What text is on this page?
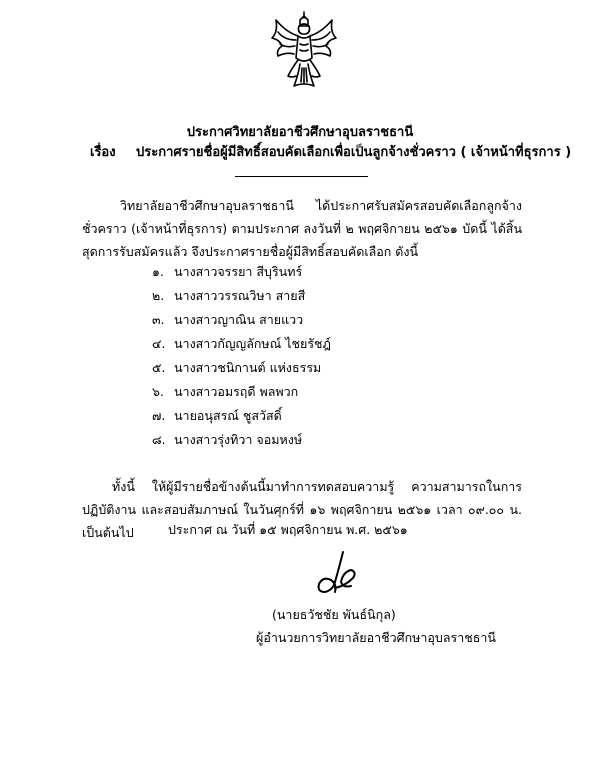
ประกาศวิทยาลัยอาชีวศึกษาอุบลราชธานี
เรื่อง ประกาศรายชื่อผู้มีสิทธิ์สอบคัดเลือกเพื่อเป็นลูกจ้างชั่วคราว ( เจ้าหน้าที่ธุรการ )

วิทยาลัยอาชีวศึกษาอุบลราชธานี ได้ประกาศรับสมัครสอบคัดเลือกลูกจ้างชั่วคราว (เจ้าหน้าที่ธุรการ) ตามประกาศ ลงวันที่ ๒ พฤศจิกายน ๒๕๖๑ บัดนี้ ได้สิ้นสุดการรับสมัครแล้ว จึงประกาศรายชื่อผู้มีสิทธิ์สอบคัดเลือก ดังนี้

๑. นางสาวจรรยา สีบุรินทร์
๒. นางสาววรรณวิษา สายสี
๓. นางสาวญาณิน สายแวว
๔. นางสาวกัญญลักษณ์ ไชยรัชฎ์
๕. นางสาวชนิกานต์ แห่งธรรม
๖. นางสาวอมรฤดี พลพวก
๗. นายอนุสรณ์ ชูสวัสดิ์
๘. นางสาวรุ่งทิวา จอมหงษ์

ทั้งนี้ ให้ผู้มีรายชื่อข้างต้นนี้มาทำการทดสอบความรู้ ความสามารถในการปฏิบัติงาน และสอบสัมภาษณ์ ในวันศุกร์ที่ ๑๖ พฤศจิกายน ๒๕๖๑ เวลา ๐๙.๐๐ น. เป็นต้นไป	ประกาศ ณ วันที่ ๑๕ พฤศจิกายน พ.ศ. ๒๕๖๑
(นายธวัชชัย พันธ์นิกุล)
ผู้อำนวยการวิทยาลัยอาชีวศึกษาอุบลราชธานี
